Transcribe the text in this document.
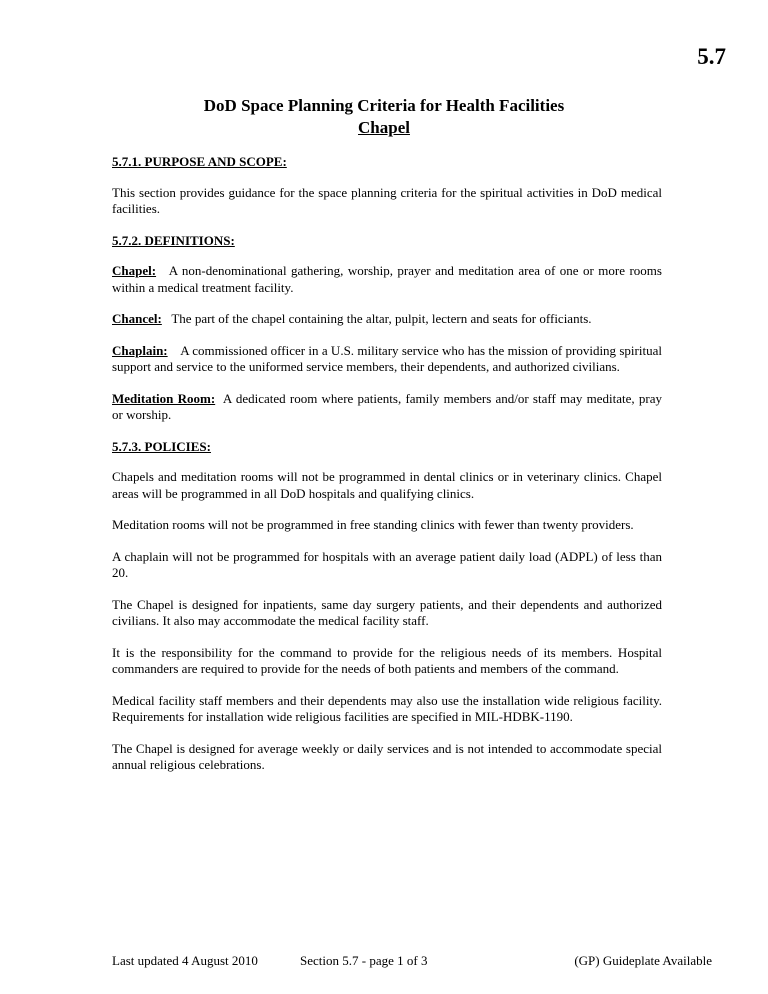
5.7
DoD Space Planning Criteria for Health Facilities
Chapel
5.7.1. PURPOSE AND SCOPE:

This section provides guidance for the space planning criteria for the spiritual activities in DoD medical facilities.

5.7.2. DEFINITIONS:

Chapel: A non-denominational gathering, worship, prayer and meditation area of one or more rooms within a medical treatment facility.

Chancel: The part of the chapel containing the altar, pulpit, lectern and seats for officiants.

Chaplain: A commissioned officer in a U.S. military service who has the mission of providing spiritual support and service to the uniformed service members, their dependents, and authorized civilians.

Meditation Room: A dedicated room where patients, family members and/or staff may meditate, pray or worship.

5.7.3. POLICIES:

Chapels and meditation rooms will not be programmed in dental clinics or in veterinary clinics. Chapel areas will be programmed in all DoD hospitals and qualifying clinics.

Meditation rooms will not be programmed in free standing clinics with fewer than twenty providers.

A chaplain will not be programmed for hospitals with an average patient daily load (ADPL) of less than 20.

The Chapel is designed for inpatients, same day surgery patients, and their dependents and authorized civilians. It also may accommodate the medical facility staff.

It is the responsibility for the command to provide for the religious needs of its members. Hospital commanders are required to provide for the needs of both patients and members of the command.

Medical facility staff members and their dependents may also use the installation wide religious facility. Requirements for installation wide religious facilities are specified in MIL-HDBK-1190.

The Chapel is designed for average weekly or daily services and is not intended to accommodate special annual religious celebrations.

Last updated 4 August 2010	Section 5.7 - page 1 of 3	(GP) Guideplate Available
